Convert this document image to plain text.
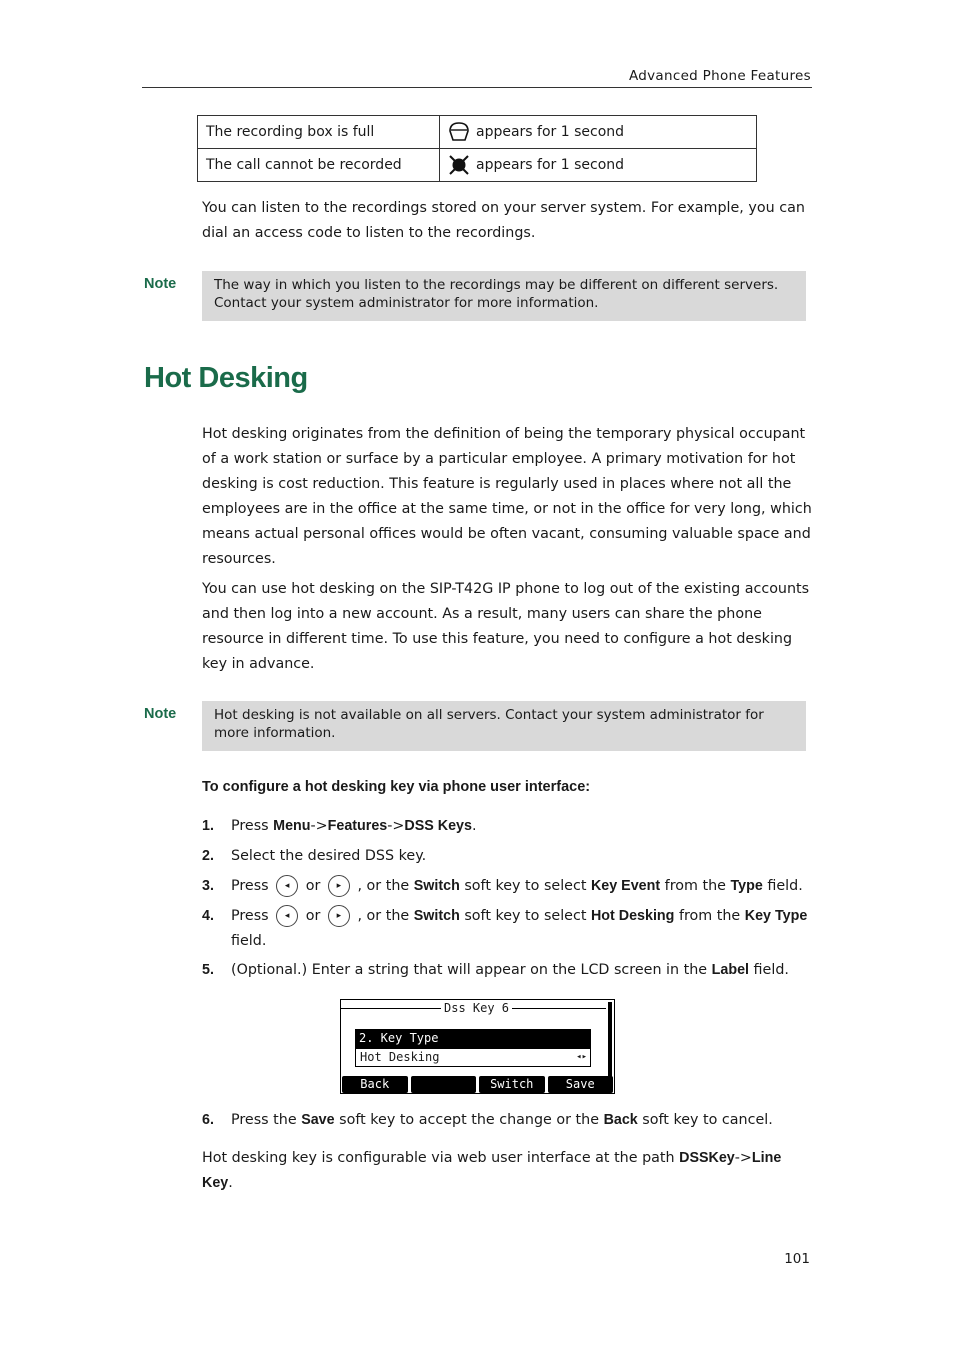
Advanced Phone Features
The recording box is full	appears for 1 second

The call cannot be recorded	appears for 1 second
You can listen to the recordings stored on your server system. For example, you can dial an access code to listen to the recordings.
Note	The way in which you listen to the recordings may be different on different servers. Contact your system administrator for more information.
Hot Desking
Hot desking originates from the definition of being the temporary physical occupant of a work station or surface by a particular employee. A primary motivation for hot desking is cost reduction. This feature is regularly used in places where not all the employees are in the office at the same time, or not in the office for very long, which means actual personal offices would be often vacant, consuming valuable space and resources.
You can use hot desking on the SIP-T42G IP phone to log out of the existing accounts and then log into a new account. As a result, many users can share the phone resource in different time. To use this feature, you need to configure a hot desking key in advance.
Note	Hot desking is not available on all servers. Contact your system administrator for more information.
To configure a hot desking key via phone user interface:
1.	Press Menu->Features->DSS Keys.
2.	Select the desired DSS key.
3.	Press ◂ or ▸ , or the Switch soft key to select Key Event from the Type field.
4.	Press ◂ or ▸ , or the Switch soft key to select Hot Desking from the Key Type field.
5.	(Optional.) Enter a string that will appear on the LCD screen in the Label field.
Dss Key 6
2. Key Type
Hot Desking	◂▸
Back	Switch	Save
6.	Press the Save soft key to accept the change or the Back soft key to cancel.
Hot desking key is configurable via web user interface at the path DSSKey->Line Key.
101
